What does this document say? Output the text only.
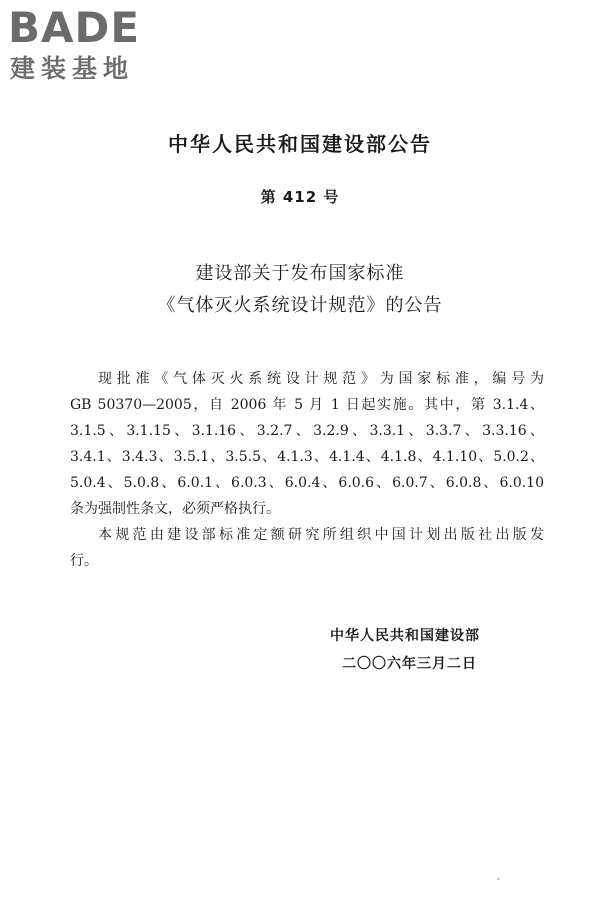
BADE

建装基地

中华人民共和国建设部公告

第 412 号

建设部关于发布国家标准
《气体灭火系统设计规范》的公告

现批准《气体灭火系统设计规范》为国家标准，编号为
GB 50370—2005，自 2006 年 5 月 1 日起实施。其中，第 3.1.4、
3.1.5、3.1.15、3.1.16、3.2.7、3.2.9、3.3.1、3.3.7、3.3.16、
3.4.1、3.4.3、3.5.1、3.5.5、4.1.3、4.1.4、4.1.8、4.1.10、5.0.2、
5.0.4、5.0.8、6.0.1、6.0.3、6.0.4、6.0.6、6.0.7、6.0.8、6.0.10
条为强制性条文，必须严格执行。

本规范由建设部标准定额研究所组织中国计划出版社出版发
行。

中华人民共和国建设部
二〇〇六年三月二日
